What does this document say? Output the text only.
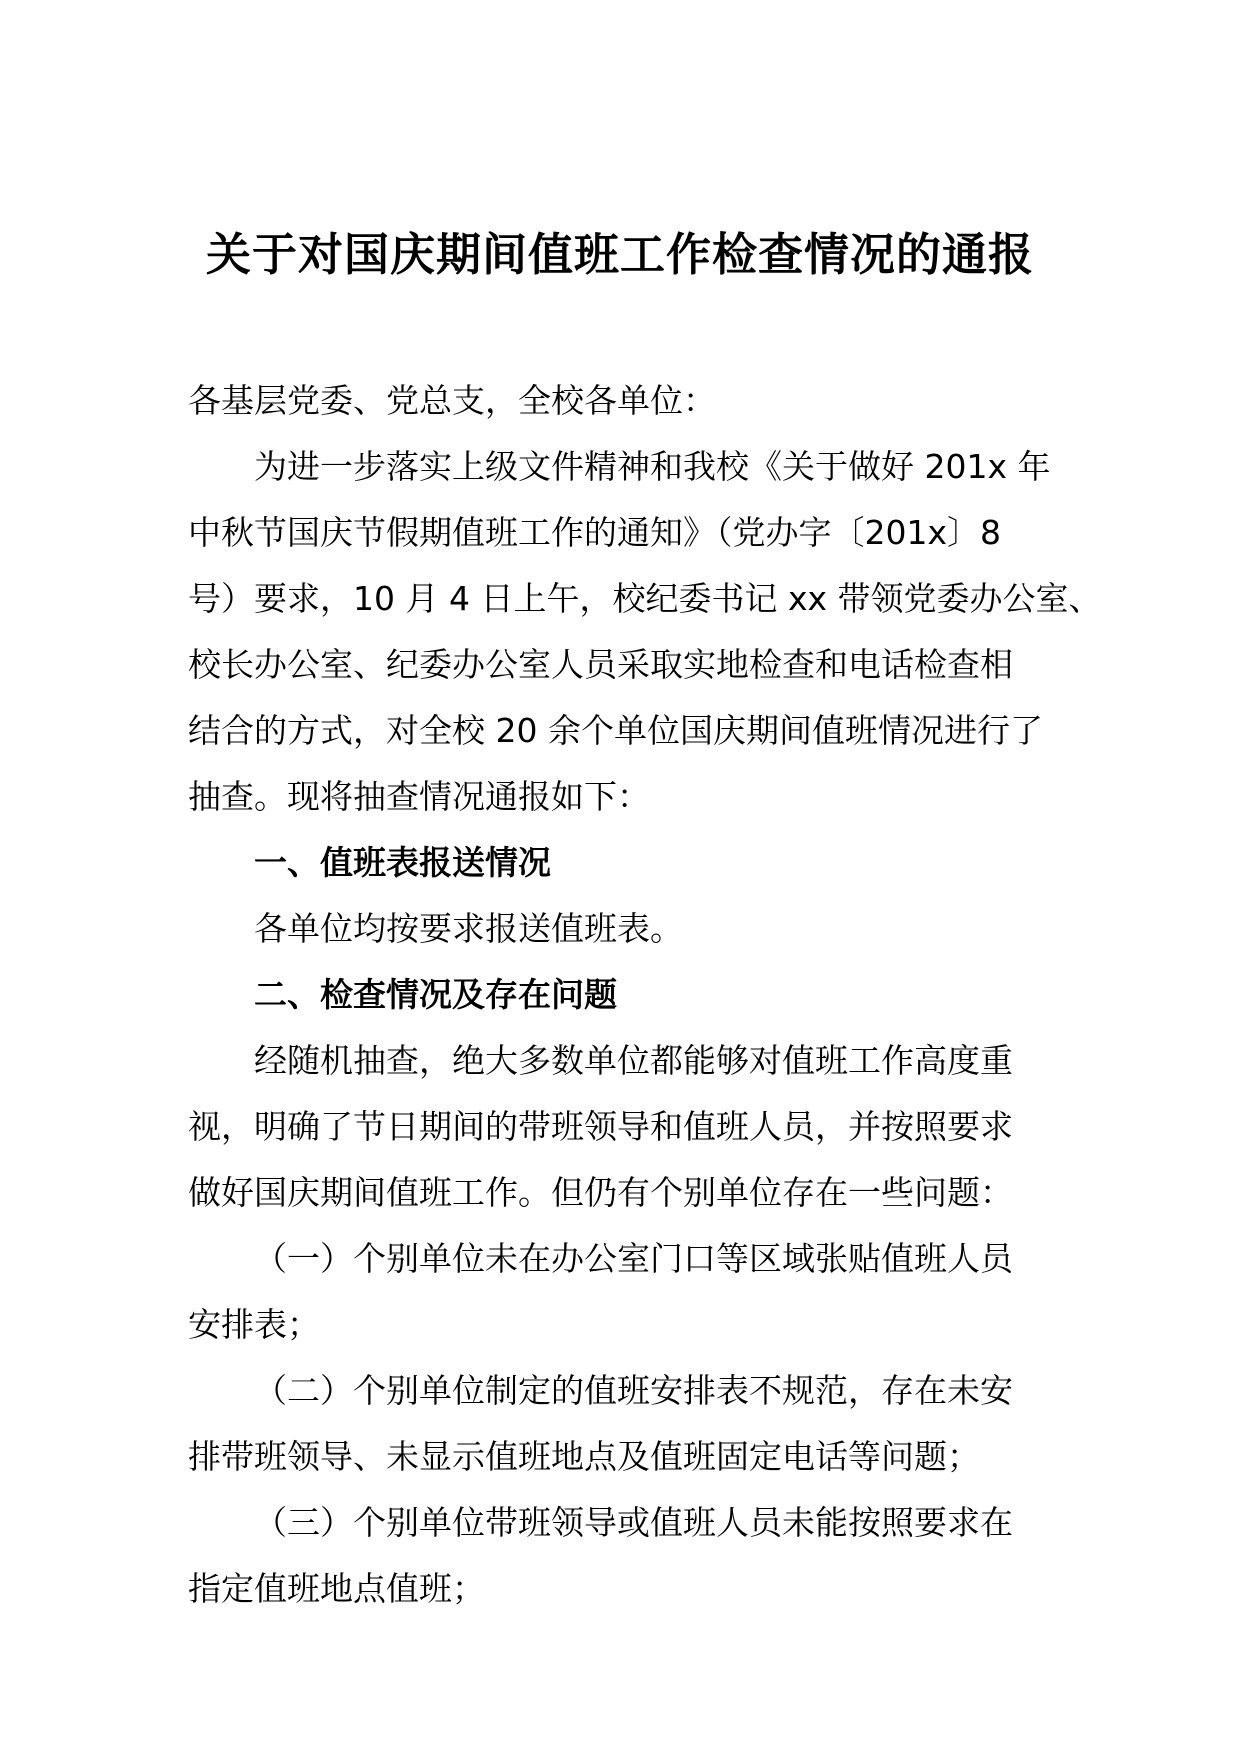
关于对国庆期间值班工作检查情况的通报
各基层党委、党总支，全校各单位：
为进一步落实上级文件精神和我校《关于做好 201x 年
中秋节国庆节假期值班工作的通知》（党办字〔201x〕8
号）要求，10 月 4 日上午，校纪委书记 xx 带领党委办公室、
校长办公室、纪委办公室人员采取实地检查和电话检查相
结合的方式，对全校 20 余个单位国庆期间值班情况进行了
抽查。现将抽查情况通报如下：
一、值班表报送情况
各单位均按要求报送值班表。
二、检查情况及存在问题
经随机抽查，绝大多数单位都能够对值班工作高度重
视，明确了节日期间的带班领导和值班人员，并按照要求
做好国庆期间值班工作。但仍有个别单位存在一些问题：
（一）个别单位未在办公室门口等区域张贴值班人员
安排表；
（二）个别单位制定的值班安排表不规范，存在未安
排带班领导、未显示值班地点及值班固定电话等问题；
（三）个别单位带班领导或值班人员未能按照要求在
指定值班地点值班；
